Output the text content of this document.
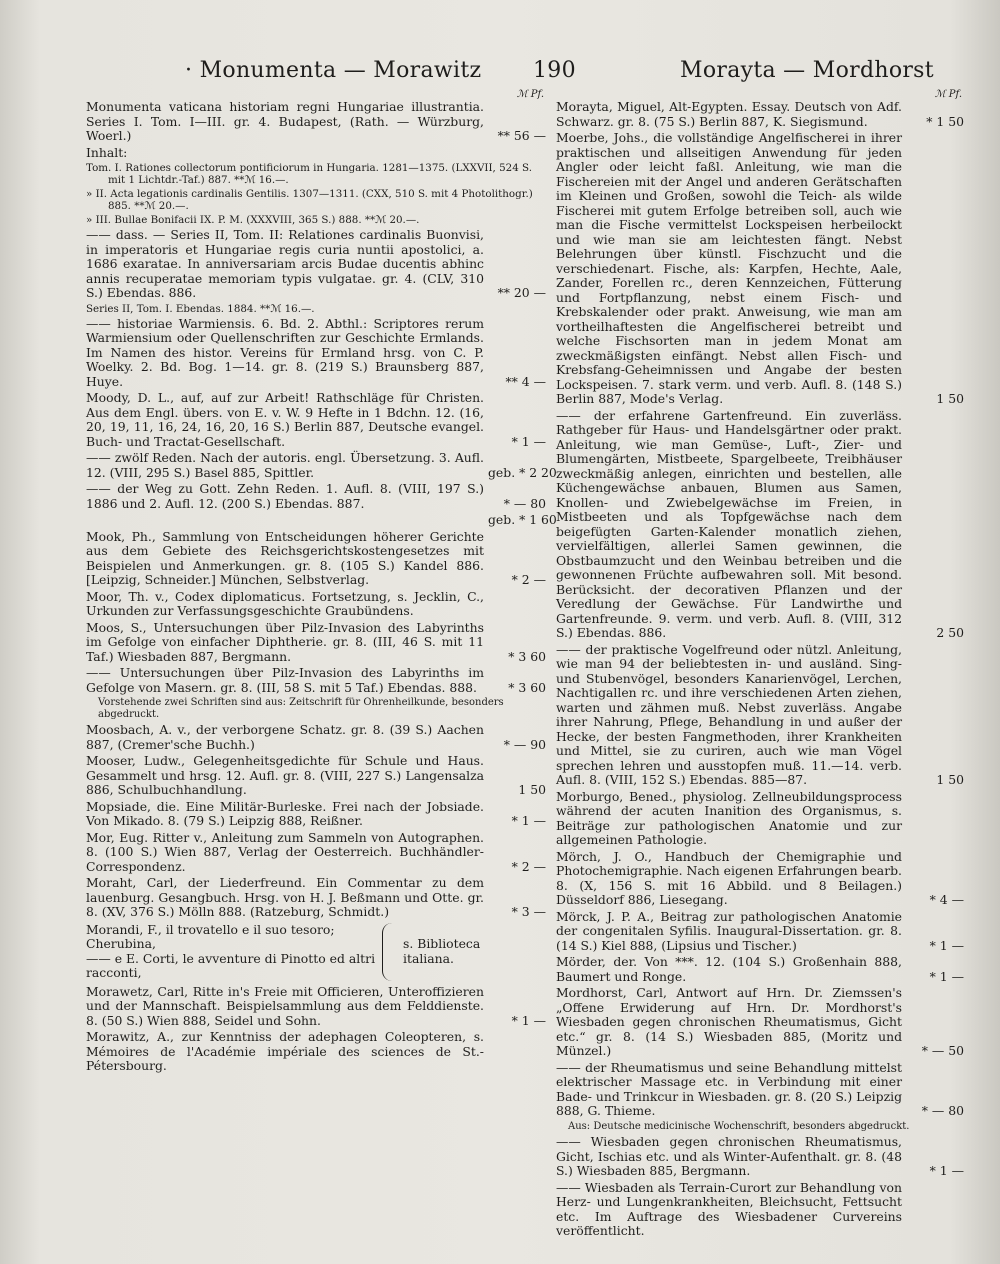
· Monumenta — Morawitz 190	Morayta — Mordhorst
ℳ Pf.
Monumenta vaticana historiam regni Hungariae illustrantia. Series I. Tom. I—III. gr. 4. Budapest, (Rath. — Würzburg, Woerl.)	** 56 —
Inhalt:
Tom. I. Rationes collectorum pontificiorum in Hungaria. 1281—1375. (LXXVII, 524 S. mit 1 Lichtdr.-Taf.) 887. **ℳ 16.—.
» II. Acta legationis cardinalis Gentilis. 1307—1311. (CXX, 510 S. mit 4 Photolithogr.) 885. **ℳ 20.—.
» III. Bullae Bonifacii IX. P. M. (XXXVIII, 365 S.) 888. **ℳ 20.—.
—— dass. — Series II, Tom. II: Relationes cardinalis Buonvisi, in imperatoris et Hungariae regis curia nuntii apostolici, a. 1686 exaratae. In anniversariam arcis Budae ducentis abhinc annis recuperatae memoriam typis vulgatae. gr. 4. (CLV, 310 S.) Ebendas. 886.	** 20 —
Series II, Tom. I. Ebendas. 1884. **ℳ 16.—.
—— historiae Warmiensis. 6. Bd. 2. Abthl.: Scriptores rerum Warmiensium oder Quellenschriften zur Geschichte Ermlands. Im Namen des histor. Vereins für Ermland hrsg. von C. P. Woelky. 2. Bd. Bog. 1—14. gr. 8. (219 S.) Braunsberg 887, Huye.	** 4 —
Moody, D. L., auf, auf zur Arbeit! Rathschläge für Christen. Aus dem Engl. übers. von E. v. W. 9 Hefte in 1 Bdchn. 12. (16, 20, 19, 11, 16, 24, 16, 20, 16 S.) Berlin 887, Deutsche evangel. Buch- und Tractat-Gesellschaft.	* 1 —
—— zwölf Reden. Nach der autoris. engl. Übersetzung. 3. Aufl. 12. (VIII, 295 S.) Basel 885, Spittler.	geb. * 2 20
—— der Weg zu Gott. Zehn Reden. 1. Aufl. 8. (VIII, 197 S.) 1886 und 2. Aufl. 12. (200 S.) Ebendas. 887.	* — 80
geb. * 1 60
Mook, Ph., Sammlung von Entscheidungen höherer Gerichte aus dem Gebiete des Reichsgerichtskostengesetzes mit Beispielen und Anmerkungen. gr. 8. (105 S.) Kandel 886. [Leipzig, Schneider.] München, Selbstverlag.	* 2 —
Moor, Th. v., Codex diplomaticus. Fortsetzung, s. Jecklin, C., Urkunden zur Verfassungsgeschichte Graubündens.
Moos, S., Untersuchungen über Pilz-Invasion des Labyrinths im Gefolge von einfacher Diphtherie. gr. 8. (III, 46 S. mit 11 Taf.) Wiesbaden 887, Bergmann.	* 3 60
—— Untersuchungen über Pilz-Invasion des Labyrinths im Gefolge von Masern. gr. 8. (III, 58 S. mit 5 Taf.) Ebendas. 888.	* 3 60
Vorstehende zwei Schriften sind aus: Zeitschrift für Ohrenheilkunde, besonders abgedruckt.
Moosbach, A. v., der verborgene Schatz. gr. 8. (39 S.) Aachen 887, (Cremer'sche Buchh.)	* — 90
Mooser, Ludw., Gelegenheitsgedichte für Schule und Haus. Gesammelt und hrsg. 12. Aufl. gr. 8. (VIII, 227 S.) Langensalza 886, Schulbuchhandlung.	1 50
Mopsiade, die. Eine Militär-Burleske. Frei nach der Jobsiade. Von Mikado. 8. (79 S.) Leipzig 888, Reißner.	* 1 —
Mor, Eug. Ritter v., Anleitung zum Sammeln von Autographen. 8. (100 S.) Wien 887, Verlag der Oesterreich. Buchhändler-Correspondenz.	* 2 —
Moraht, Carl, der Liederfreund. Ein Commentar zu dem lauenburg. Gesangbuch. Hrsg. von H. J. Beßmann und Otte. gr. 8. (XV, 376 S.) Mölln 888. (Ratzeburg, Schmidt.)	* 3 —
Morandi, F., il trovatello e il suo tesoro; Cherubina,
—— e E. Corti, le avventure di Pinotto ed altri racconti,
s. Biblioteca italiana.
Morawetz, Carl, Ritte in's Freie mit Officieren, Unteroffizieren und der Mannschaft. Beispielsammlung aus dem Felddienste. 8. (50 S.) Wien 888, Seidel und Sohn.	* 1 —
Morawitz, A., zur Kenntniss der adephagen Coleopteren, s. Mémoires de l'Académie impériale des sciences de St.-Pétersbourg.
ℳ Pf.
Morayta, Miguel, Alt-Egypten. Essay. Deutsch von Adf. Schwarz. gr. 8. (75 S.) Berlin 887, K. Siegismund.	* 1 50
Moerbe, Johs., die vollständige Angelfischerei in ihrer praktischen und allseitigen Anwendung für jeden Angler oder leicht faßl. Anleitung, wie man die Fischereien mit der Angel und anderen Gerätschaften im Kleinen und Großen, sowohl die Teich- als wilde Fischerei mit gutem Erfolge betreiben soll, auch wie man die Fische vermittelst Lockspeisen herbeilockt und wie man sie am leichtesten fängt. Nebst Belehrungen über künstl. Fischzucht und die verschiedenart. Fische, als: Karpfen, Hechte, Aale, Zander, Forellen rc., deren Kennzeichen, Fütterung und Fortpflanzung, nebst einem Fisch- und Krebskalender oder prakt. Anweisung, wie man am vortheilhaftesten die Angelfischerei betreibt und welche Fischsorten man in jedem Monat am zweckmäßigsten einfängt. Nebst allen Fisch- und Krebsfang-Geheimnissen und Angabe der besten Lockspeisen. 7. stark verm. und verb. Aufl. 8. (148 S.) Berlin 887, Mode's Verlag.	1 50
—— der erfahrene Gartenfreund. Ein zuverläss. Rathgeber für Haus- und Handelsgärtner oder prakt. Anleitung, wie man Gemüse-, Luft-, Zier- und Blumengärten, Mistbeete, Spargelbeete, Treibhäuser zweckmäßig anlegen, einrichten und bestellen, alle Küchengewächse anbauen, Blumen aus Samen, Knollen- und Zwiebelgewächse im Freien, in Mistbeeten und als Topfgewächse nach dem beigefügten Garten-Kalender monatlich ziehen, vervielfältigen, allerlei Samen gewinnen, die Obstbaumzucht und den Weinbau betreiben und die gewonnenen Früchte aufbewahren soll. Mit besond. Berücksicht. der decorativen Pflanzen und der Veredlung der Gewächse. Für Landwirthe und Gartenfreunde. 9. verm. und verb. Aufl. 8. (VIII, 312 S.) Ebendas. 886.	2 50
—— der praktische Vogelfreund oder nützl. Anleitung, wie man 94 der beliebtesten in- und ausländ. Sing- und Stubenvögel, besonders Kanarienvögel, Lerchen, Nachtigallen rc. und ihre verschiedenen Arten ziehen, warten und zähmen muß. Nebst zuverläss. Angabe ihrer Nahrung, Pflege, Behandlung in und außer der Hecke, der besten Fangmethoden, ihrer Krankheiten und Mittel, sie zu curiren, auch wie man Vögel sprechen lehren und ausstopfen muß. 11.—14. verb. Aufl. 8. (VIII, 152 S.) Ebendas. 885—87.	1 50
Morburgo, Bened., physiolog. Zellneubildungsprocess während der acuten Inanition des Organismus, s. Beiträge zur pathologischen Anatomie und zur allgemeinen Pathologie.
Mörch, J. O., Handbuch der Chemigraphie und Photochemigraphie. Nach eigenen Erfahrungen bearb. 8. (X, 156 S. mit 16 Abbild. und 8 Beilagen.) Düsseldorf 886, Liesegang.	* 4 —
Mörck, J. P. A., Beitrag zur pathologischen Anatomie der congenitalen Syfilis. Inaugural-Dissertation. gr. 8. (14 S.) Kiel 888, (Lipsius und Tischer.)	* 1 —
Mörder, der. Von ***. 12. (104 S.) Großenhain 888, Baumert und Ronge.	* 1 —
Mordhorst, Carl, Antwort auf Hrn. Dr. Ziemssen's „Offene Erwiderung auf Hrn. Dr. Mordhorst's Wiesbaden gegen chronischen Rheumatismus, Gicht etc.“ gr. 8. (14 S.) Wiesbaden 885, (Moritz und Münzel.)	* — 50
—— der Rheumatismus und seine Behandlung mittelst elektrischer Massage etc. in Verbindung mit einer Bade- und Trinkcur in Wiesbaden. gr. 8. (20 S.) Leipzig 888, G. Thieme.	* — 80
Aus: Deutsche medicinische Wochenschrift, besonders abgedruckt.
—— Wiesbaden gegen chronischen Rheumatismus, Gicht, Ischias etc. und als Winter-Aufenthalt. gr. 8. (48 S.) Wiesbaden 885, Bergmann.	* 1 —
—— Wiesbaden als Terrain-Curort zur Behandlung von Herz- und Lungenkrankheiten, Bleichsucht, Fettsucht etc. Im Auftrage des Wiesbadener Curvereins veröffentlicht.
